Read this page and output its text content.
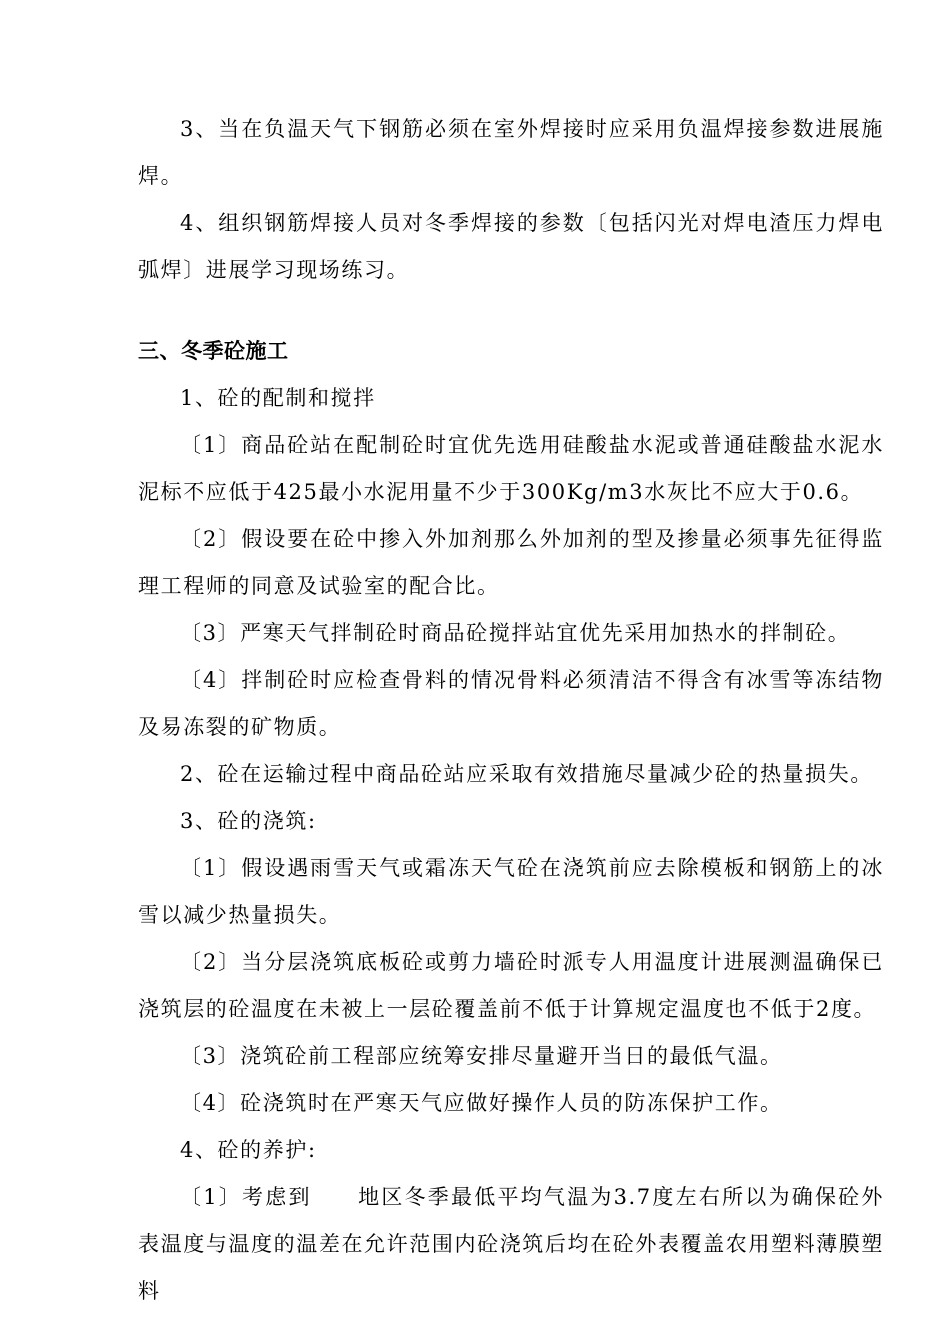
3、当在负温天气下钢筋必须在室外焊接时应采用负温焊接参数进展施焊。

4、组织钢筋焊接人员对冬季焊接的参数〔包括闪光对焊电渣压力焊电弧焊〕进展学习现场练习。

三、冬季砼施工

1、砼的配制和搅拌

〔1〕商品砼站在配制砼时宜优先选用硅酸盐水泥或普通硅酸盐水泥水泥标不应低于425最小水泥用量不少于300Kg/m3水灰比不应大于0.6。

〔2〕假设要在砼中掺入外加剂那么外加剂的型及掺量必须事先征得监理工程师的同意及试验室的配合比。

〔3〕严寒天气拌制砼时商品砼搅拌站宜优先采用加热水的拌制砼。

〔4〕拌制砼时应检查骨料的情况骨料必须清洁不得含有冰雪等冻结物及易冻裂的矿物质。

2、砼在运输过程中商品砼站应采取有效措施尽量减少砼的热量损失。

3、砼的浇筑:

〔1〕假设遇雨雪天气或霜冻天气砼在浇筑前应去除模板和钢筋上的冰雪以减少热量损失。

〔2〕当分层浇筑底板砼或剪力墙砼时派专人用温度计进展测温确保已浇筑层的砼温度在未被上一层砼覆盖前不低于计算规定温度也不低于2度。

〔3〕浇筑砼前工程部应统筹安排尽量避开当日的最低气温。

〔4〕砼浇筑时在严寒天气应做好操作人员的防冻保护工作。

4、砼的养护:

〔1〕考虑到　　地区冬季最低平均气温为3.7度左右所以为确保砼外表温度与温度的温差在允许范围内砼浇筑后均在砼外表覆盖农用塑料薄膜塑料
